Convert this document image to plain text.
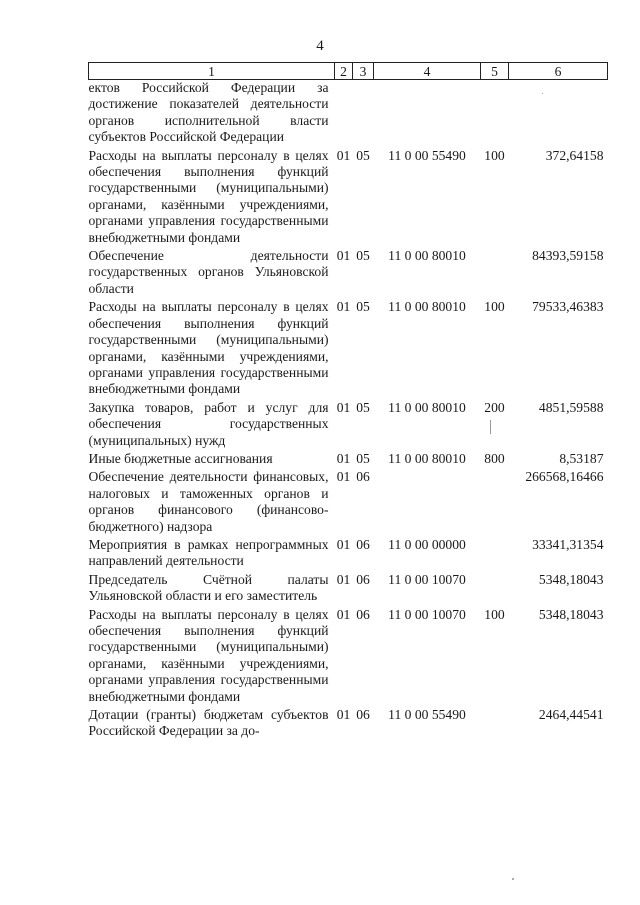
4
1	2	3	4	5	6
ектов Российской Федерации за достижение показателей деятельности органов исполнительной власти субъектов Российской Федерации					
Расходы на выплаты персоналу в целях обеспечения выполнения функций государственными (муниципальными) органами, казёнными учреждениями, органами управления государственными внебюджетными фондами	01	05	11 0 00 55490	100	372,64158
Обеспечение деятельности государственных органов Ульяновской области	01	05	11 0 00 80010		84393,59158
Расходы на выплаты персоналу в целях обеспечения выполнения функций государственными (муниципальными) органами, казёнными учреждениями, органами управления государственными внебюджетными фондами	01	05	11 0 00 80010	100	79533,46383
Закупка товаров, работ и услуг для обеспечения государственных (муниципальных) нужд	01	05	11 0 00 80010	200	4851,59588
Иные бюджетные ассигнования	01	05	11 0 00 80010	800	8,53187
Обеспечение деятельности финансовых, налоговых и таможенных органов и органов финансового (финансово-бюджетного) надзора	01	06			266568,16466
Мероприятия в рамках непрограммных направлений деятельности	01	06	11 0 00 00000		33341,31354
Председатель Счётной палаты Ульяновской области и его заместитель	01	06	11 0 00 10070		5348,18043
Расходы на выплаты персоналу в целях обеспечения выполнения функций государственными (муниципальными) органами, казёнными учреждениями, органами управления государственными внебюджетными фондами	01	06	11 0 00 10070	100	5348,18043
Дотации (гранты) бюджетам субъектов Российской Федерации за до-	01	06	11 0 00 55490		2464,44541
